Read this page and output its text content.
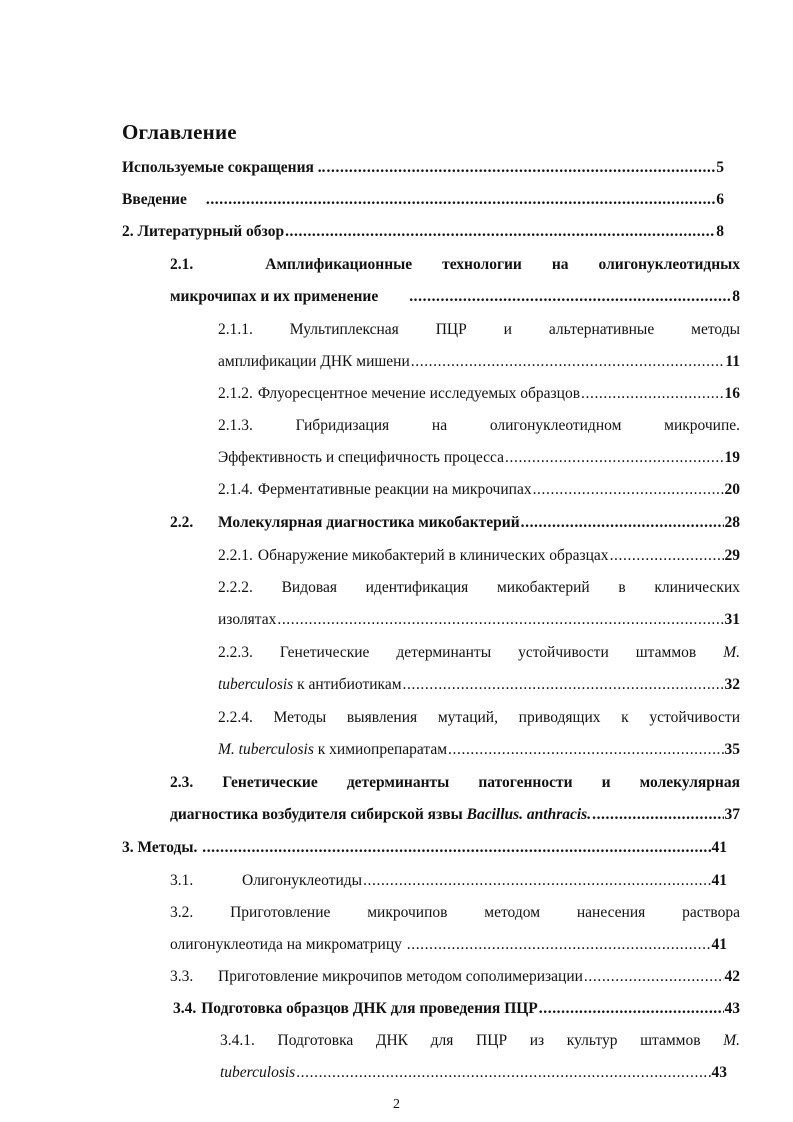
Оглавление
Используемые сокращения .. .....	5
Введение .....	6
2. Литературный обзор .....	8
2.1.	Амплификационные технологии на олигонуклеотидных
микрочипах и их применение .....	8
2.1.1. Мультиплексная ПЦР и альтернативные методы
амплификации ДНК мишени .....	11
2.1.2. Флуоресцентное мечение исследуемых образцов .....	16
2.1.3.	Гибридизация на олигонуклеотидном микрочипе.
Эффективность и специфичность процесса .....	19
2.1.4. Ферментативные реакции на микрочипах .....	20
2.2.	Молекулярная диагностика микобактерий .....	28
2.2.1. Обнаружение микобактерий в клинических образцах .....	29
2.2.2. Видовая идентификация микобактерий в клинических
изолятах .....	31
2.2.3. Генетические детерминанты устойчивости штаммов M.
tuberculosis к антибиотикам .....	32
2.2.4. Методы выявления мутаций, приводящих к устойчивости
M. tuberculosis к химиопрепаратам .....	35
2.3. Генетические детерминанты патогенности и молекулярная
диагностика возбудителя сибирской язвы Bacillus. anthracis. .....	37
3. Методы. .....	41
3.1.	Олигонуклеотиды .....	41
3.2. Приготовление микрочипов методом нанесения раствора
олигонуклеотида на микроматрицу .....	41
3.3.	Приготовление микрочипов методом сополимеризации .....	42
3.4. Подготовка образцов ДНК для проведения ПЦР .....	43
3.4.1. Подготовка ДНК для ПЦР из культур штаммов M.
tuberculosis .....	43
2
